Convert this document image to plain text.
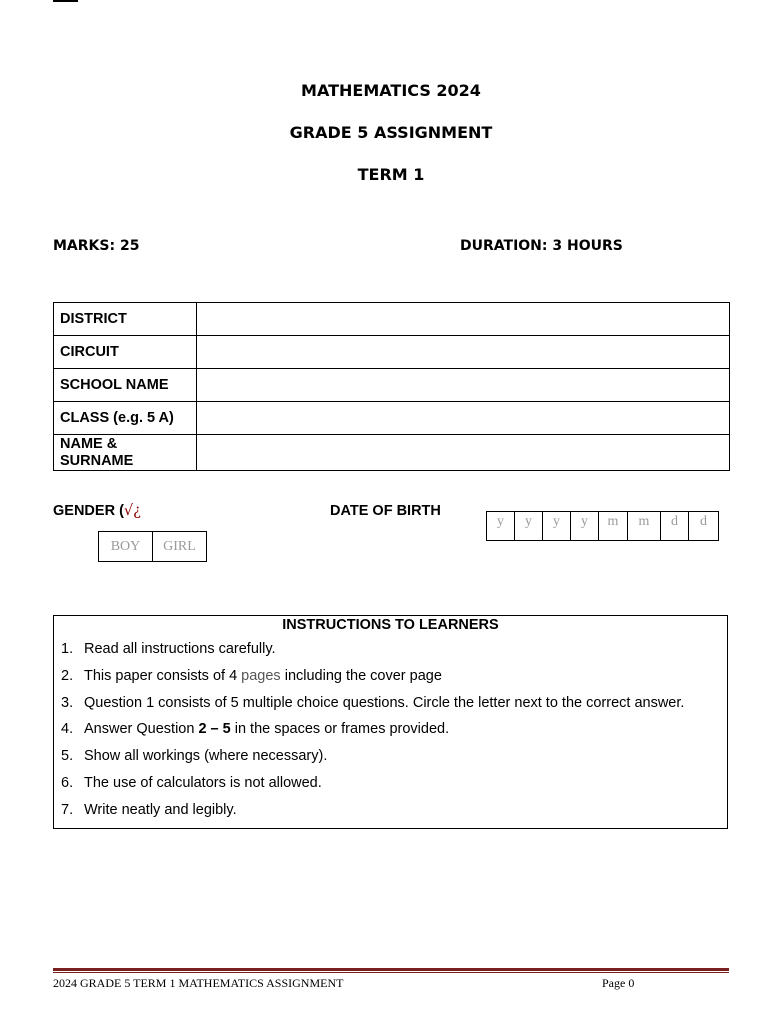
MATHEMATICS 2024
GRADE 5 ASSIGNMENT
TERM 1
MARKS: 25	DURATION: 3 HOURS
DISTRICT	
CIRCUIT	
SCHOOL NAME	
CLASS (e.g. 5 A)	
NAME &
SURNAME	
GENDER (√¿
BOY	GIRL
DATE OF BIRTH
y	y	y	y	m	m	d	d
INSTRUCTIONS TO LEARNERS
1. Read all instructions carefully.
2. This paper consists of 4 pages including the cover page
3. Question 1 consists of 5 multiple choice questions. Circle the letter next to the correct answer.
4. Answer Question 2 – 5 in the spaces or frames provided.
5. Show all workings (where necessary).
6. The use of calculators is not allowed.
7. Write neatly and legibly.
2024 GRADE 5 TERM 1 MATHEMATICS ASSIGNMENT	Page 0
